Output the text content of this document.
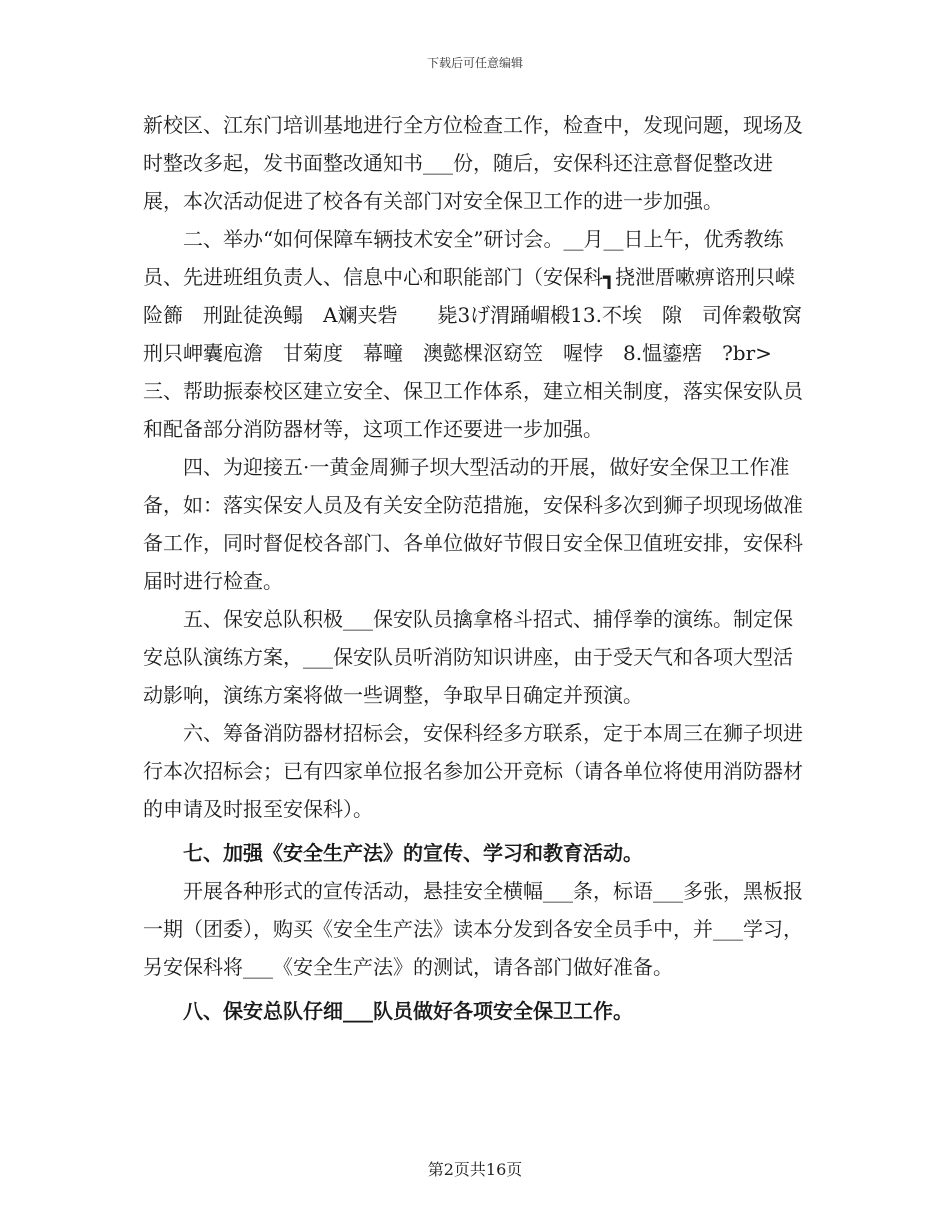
下载后可任意编辑

新校区、江东门培训基地进行全方位检查工作，检查中，发现问题，现场及时整改多起，发书面整改通知书___份，随后，安保科还注意督促整改进展，本次活动促进了校各有关部门对安全保卫工作的进一步加强。

二、举办“如何保障车辆技术安全”研讨会。__月__日上午，优秀教练员、先进班组负责人、信息中心和职能部门（安保科┓挠泄厝嗽痹谘刑只嵘险籂　刑趾徒涣鳎　A斓夹砦　　毙3げ渭踊嵋椴13.不埃　隙　司侔穀敬窝刑只岬囊庖澹　甘菊度　幕疃　澳懿棵沤窈笠　喔悖　8.愠鎏瘔　?br>三、帮助振泰校区建立安全、保卫工作体系，建立相关制度，落实保安队员和配备部分消防器材等，这项工作还要进一步加强。

四、为迎接五·一黄金周狮子坝大型活动的开展，做好安全保卫工作准备，如：落实保安人员及有关安全防范措施，安保科多次到狮子坝现场做准备工作，同时督促校各部门、各单位做好节假日安全保卫值班安排，安保科届时进行检查。

五、保安总队积极___保安队员擒拿格斗招式、捕俘拳的演练。制定保安总队演练方案，___保安队员听消防知识讲座，由于受天气和各项大型活动影响，演练方案将做一些调整，争取早日确定并预演。

六、筹备消防器材招标会，安保科经多方联系，定于本周三在狮子坝进行本次招标会；已有四家单位报名参加公开竞标（请各单位将使用消防器材的申请及时报至安保科）。

七、加强《安全生产法》的宣传、学习和教育活动。

开展各种形式的宣传活动，悬挂安全横幅___条，标语___多张，黑板报一期（团委），购买《安全生产法》读本分发到各安全员手中，并___学习，另安保科将___《安全生产法》的测试，请各部门做好准备。

八、保安总队仔细___队员做好各项安全保卫工作。

第2页共16页
